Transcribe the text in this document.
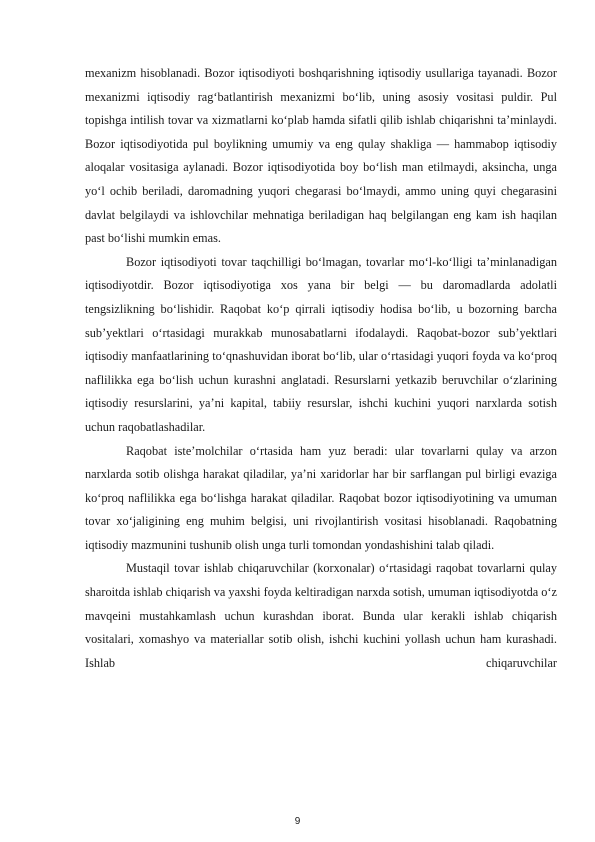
mexanizm hisoblanadi. Bozor iqtisodiyoti boshqarishning iqtisodiy usullariga tayanadi. Bozor mexanizmi iqtisodiy rag‘batlantirish mexanizmi bo‘lib, uning asosiy vositasi puldir. Pul topishga intilish tovar va xizmatlarni ko‘plab hamda sifatli qilib ishlab chiqarishni ta’minlaydi. Bozor iqtisodiyotida pul boylikning umumiy va eng qulay shakliga — hammabop iqtisodiy aloqalar vositasiga aylanadi. Bozor iqtisodiyotida boy bo‘lish man etilmaydi, aksincha, unga yo‘l ochib beriladi, daromadning yuqori chegarasi bo‘lmaydi, ammo uning quyi chegarasini davlat belgilaydi va ishlovchilar mehnatiga beriladigan haq belgilangan eng kam ish haqilan past bo‘lishi mumkin emas.

Bozor iqtisodiyoti tovar taqchilligi bo‘lmagan, tovarlar mo‘l-ko‘lligi ta’minlanadigan iqtisodiyotdir. Bozor iqtisodiyotiga xos yana bir belgi — bu daromadlarda adolatli tengsizlikning bo‘lishidir. Raqobat ko‘p qirrali iqtisodiy hodisa bo‘lib, u bozorning barcha sub’yektlari o‘rtasidagi murakkab munosabatlarni ifodalaydi. Raqobat-bozor sub’yektlari iqtisodiy manfaatlarining to‘qnashuvidan iborat bo‘lib, ular o‘rtasidagi yuqori foyda va ko‘proq naflilikka ega bo‘lish uchun kurashni anglatadi. Resurslarni yetkazib beruvchilar o‘zlarining iqtisodiy resurslarini, ya’ni kapital, tabiiy resurslar, ishchi kuchini yuqori narxlarda sotish uchun raqobatlashadilar.

Raqobat iste’molchilar o‘rtasida ham yuz beradi: ular tovarlarni qulay va arzon narxlarda sotib olishga harakat qiladilar, ya’ni xaridorlar har bir sarflangan pul birligi evaziga ko‘proq naflilikka ega bo‘lishga harakat qiladilar. Raqobat bozor iqtisodiyotining va umuman tovar xo‘jaligining eng muhim belgisi, uni rivojlantirish vositasi hisoblanadi. Raqobatning iqtisodiy mazmunini tushunib olish unga turli tomondan yondashishini talab qiladi.

Mustaqil tovar ishlab chiqaruvchilar (korxonalar) o‘rtasidagi raqobat tovarlarni qulay sharoitda ishlab chiqarish va yaxshi foyda keltiradigan narxda sotish, umuman iqtisodiyotda o‘z mavqeini mustahkamlash uchun kurashdan iborat. Bunda ular kerakli ishlab chiqarish vositalari, xomashyo va materiallar sotib olish, ishchi kuchini yollash uchun ham kurashadi. Ishlab chiqaruvchilar

9
